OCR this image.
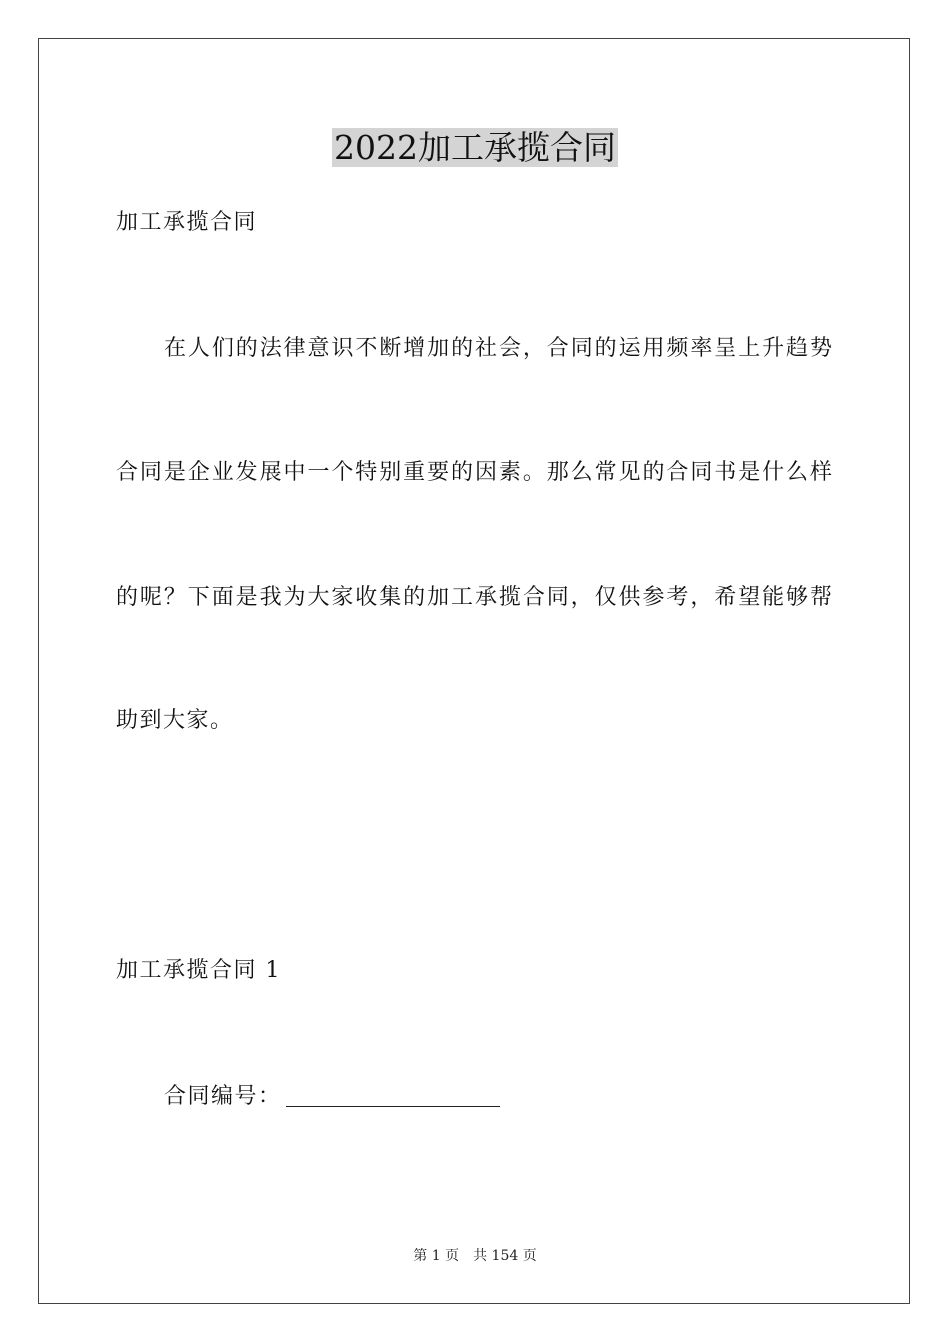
2022加工承揽合同
加工承揽合同
在人们的法律意识不断增加的社会，合同的运用频率呈上升趋势
合同是企业发展中一个特别重要的因素。那么常见的合同书是什么样
的呢？下面是我为大家收集的加工承揽合同，仅供参考，希望能够帮
助到大家。
加工承揽合同 1
合同编号：
第 1 页 共 154 页
